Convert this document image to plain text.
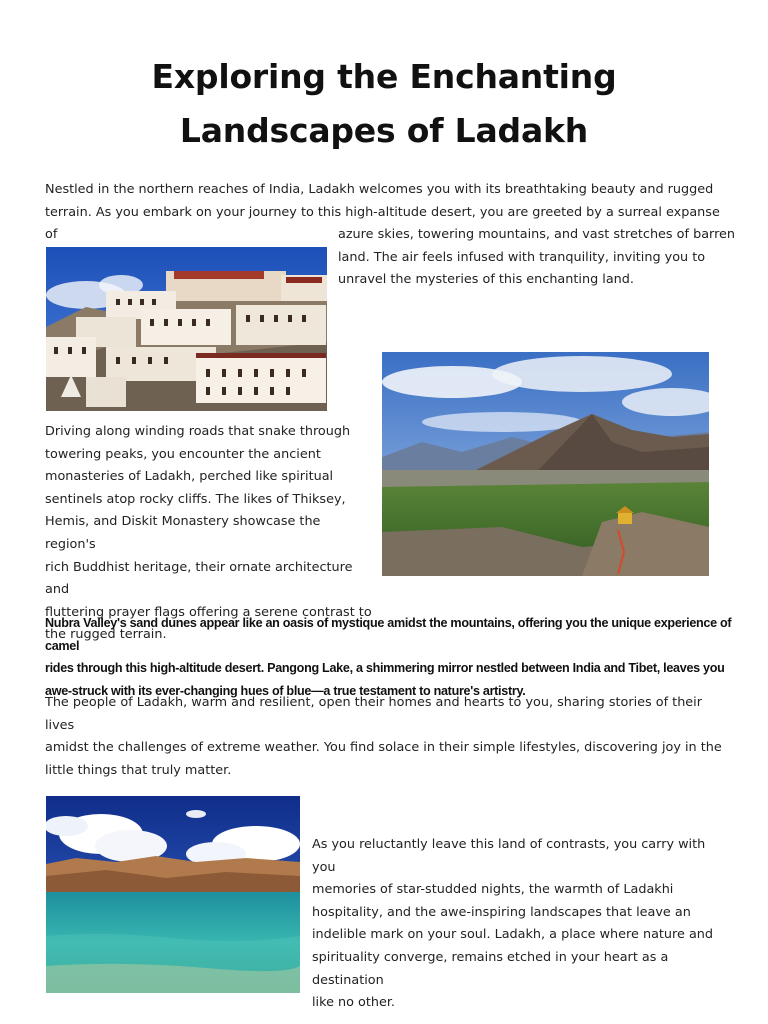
Exploring the Enchanting Landscapes of Ladakh

Nestled in the northern reaches of India, Ladakh welcomes you with its breathtaking beauty and rugged
terrain. As you embark on your journey to this high-altitude desert, you are greeted by a surreal expanse of	azure skies, towering mountains, and vast stretches of barren
land. The air feels infused with tranquility, inviting you to
unravel the mysteries of this enchanting land.

Driving along winding roads that snake through
towering peaks, you encounter the ancient
monasteries of Ladakh, perched like spiritual
sentinels atop rocky cliffs. The likes of Thiksey,
Hemis, and Diskit Monastery showcase the region's
rich Buddhist heritage, their ornate architecture and
fluttering prayer flags offering a serene contrast to
the rugged terrain.

Nubra Valley's sand dunes appear like an oasis of mystique amidst the mountains, offering you the unique experience of camel
rides through this high-altitude desert. Pangong Lake, a shimmering mirror nestled between India and Tibet, leaves you
awe-struck with its ever-changing hues of blue—a true testament to nature's artistry.

The people of Ladakh, warm and resilient, open their homes and hearts to you, sharing stories of their lives
amidst the challenges of extreme weather. You find solace in their simple lifestyles, discovering joy in the
little things that truly matter.

As you reluctantly leave this land of contrasts, you carry with you
memories of star-studded nights, the warmth of Ladakhi
hospitality, and the awe-inspiring landscapes that leave an
indelible mark on your soul. Ladakh, a place where nature and
spirituality converge, remains etched in your heart as a destination
like no other.
